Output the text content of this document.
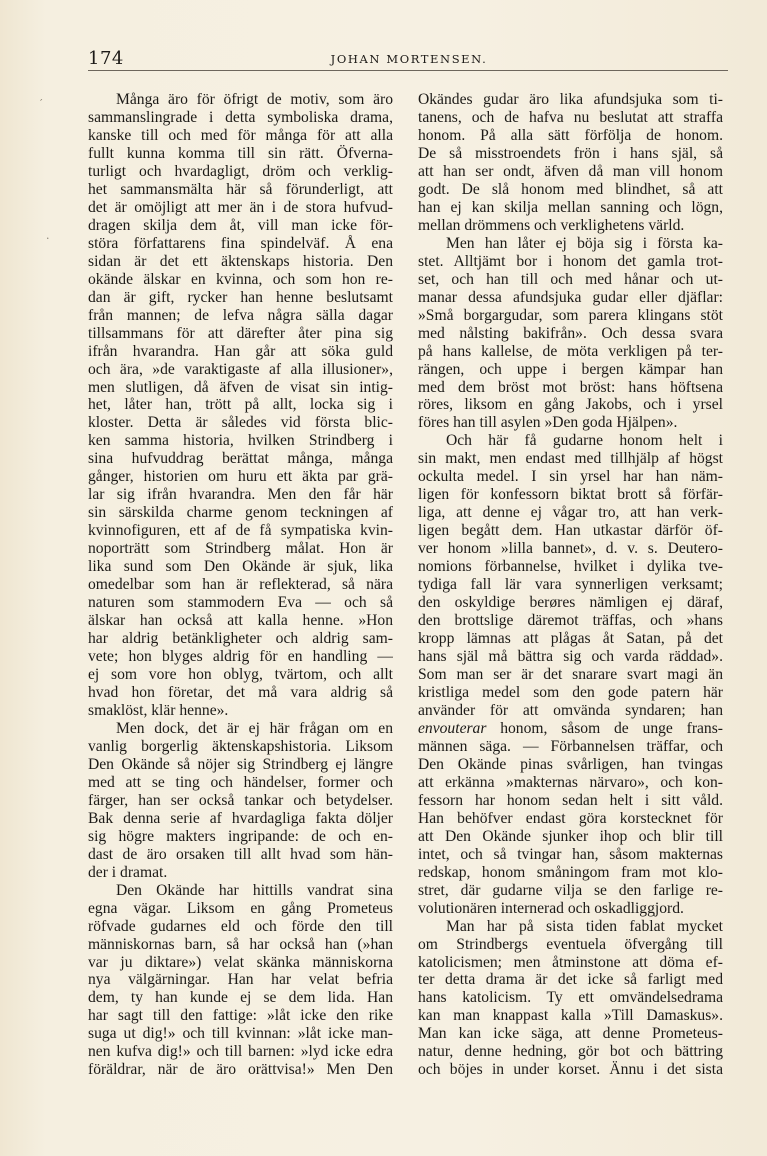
174	JOHAN MORTENSEN.
Många äro för öfrigt de motiv, som äro
sammanslingrade i detta symboliska drama,
kanske till och med för många för att alla
fullt kunna komma till sin rätt. Öfverna-
turligt och hvardagligt, dröm och verklig-
het sammansmälta här så förunderligt, att
det är omöjligt att mer än i de stora hufvud-
dragen skilja dem åt, vill man icke för-
störa författarens fina spindelväf. Å ena
sidan är det ett äktenskaps historia. Den
okände älskar en kvinna, och som hon re-
dan är gift, rycker han henne beslutsamt
från mannen; de lefva några sälla dagar
tillsammans för att därefter åter pina sig
ifrån hvarandra. Han går att söka guld
och ära, »de varaktigaste af alla illusioner»,
men slutligen, då äfven de visat sin intig-
het, låter han, trött på allt, locka sig i
kloster. Detta är således vid första blic-
ken samma historia, hvilken Strindberg i
sina hufvuddrag berättat många, många
gånger, historien om huru ett äkta par grä-
lar sig ifrån hvarandra. Men den får här
sin särskilda charme genom teckningen af
kvinnofiguren, ett af de få sympatiska kvin-
noporträtt som Strindberg målat. Hon är
lika sund som Den Okände är sjuk, lika
omedelbar som han är reflekterad, så nära
naturen som stammodern Eva — och så
älskar han också att kalla henne. »Hon
har aldrig betänkligheter och aldrig sam-
vete; hon blyges aldrig för en handling —
ej som vore hon oblyg, tvärtom, och allt
hvad hon företar, det må vara aldrig så
smaklöst, klär henne».
Men dock, det är ej här frågan om en
vanlig borgerlig äktenskapshistoria. Liksom
Den Okände så nöjer sig Strindberg ej längre
med att se ting och händelser, former och
färger, han ser också tankar och betydelser.
Bak denna serie af hvardagliga fakta döljer
sig högre makters ingripande: de och en-
dast de äro orsaken till allt hvad som hän-
der i dramat.
Den Okände har hittills vandrat sina
egna vägar. Liksom en gång Prometeus
röfvade gudarnes eld och förde den till
människornas barn, så har också han (»han
var ju diktare») velat skänka människorna
nya välgärningar. Han har velat befria
dem, ty han kunde ej se dem lida. Han
har sagt till den fattige: »låt icke den rike
suga ut dig!» och till kvinnan: »låt icke man-
nen kufva dig!» och till barnen: »lyd icke edra
föräldrar, när de äro orättvisa!» Men Den
Okändes gudar äro lika afundsjuka som ti-
tanens, och de hafva nu beslutat att straffa
honom. På alla sätt förfölja de honom.
De så misstroendets frön i hans själ, så
att han ser ondt, äfven då man vill honom
godt. De slå honom med blindhet, så att
han ej kan skilja mellan sanning och lögn,
mellan drömmens och verklighetens värld.
Men han låter ej böja sig i första ka-
stet. Alltjämt bor i honom det gamla trot-
set, och han till och med hånar och ut-
manar dessa afundsjuka gudar eller djäflar:
»Små borgargudar, som parera klingans stöt
med nålsting bakifrån». Och dessa svara
på hans kallelse, de möta verkligen på ter-
rängen, och uppe i bergen kämpar han
med dem bröst mot bröst: hans höftsena
röres, liksom en gång Jakobs, och i yrsel
föres han till asylen »Den goda Hjälpen».
Och här få gudarne honom helt i
sin makt, men endast med tillhjälp af högst
ockulta medel. I sin yrsel har han näm-
ligen för konfessorn biktat brott så förfär-
liga, att denne ej vågar tro, att han verk-
ligen begått dem. Han utkastar därför öf-
ver honom »lilla bannet», d. v. s. Deutero-
nomions förbannelse, hvilket i dylika tve-
tydiga fall lär vara synnerligen verksamt;
den oskyldige berøres nämligen ej däraf,
den brottslige däremot träffas, och »hans
kropp lämnas att plågas åt Satan, på det
hans själ må bättra sig och varda räddad».
Som man ser är det snarare svart magi än
kristliga medel som den gode patern här
använder för att omvända syndaren; han
envouterar honom, såsom de unge frans-
männen säga. — Förbannelsen träffar, och
Den Okände pinas svårligen, han tvingas
att erkänna »makternas närvaro», och kon-
fessorn har honom sedan helt i sitt våld.
Han behöfver endast göra korstecknet för
att Den Okände sjunker ihop och blir till
intet, och så tvingar han, såsom makternas
redskap, honom småningom fram mot klo-
stret, där gudarne vilja se den farlige re-
volutionären internerad och oskadliggjord.
Man har på sista tiden fablat mycket
om Strindbergs eventuela öfvergång till
katolicismen; men åtminstone att döma ef-
ter detta drama är det icke så farligt med
hans katolicism. Ty ett omvändelsedrama
kan man knappast kalla »Till Damaskus».
Man kan icke säga, att denne Prometeus-
natur, denne hedning, gör bot och bättring
och böjes in under korset. Ännu i det sista
′
·
